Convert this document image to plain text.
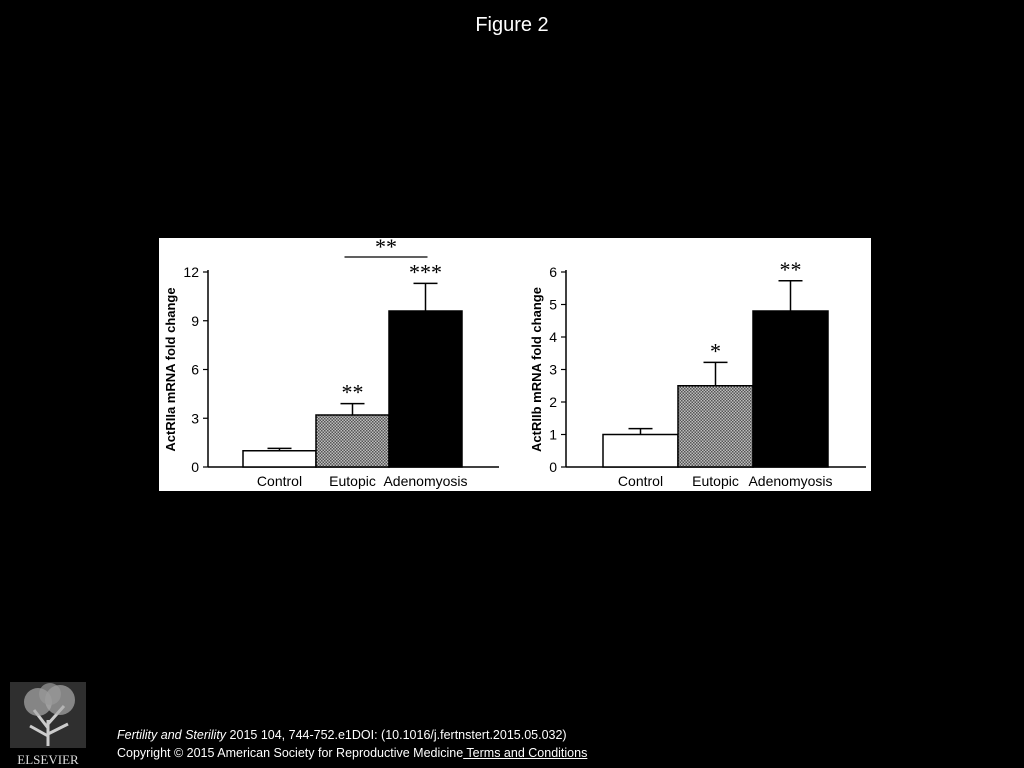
Figure 2
0
3
6
9
12
ActRIIa mRNA fold change
Control
**
Eutopic
***
Adenomyosis
**
0
1
2
3
4
5
6
ActRIIb mRNA fold change
Control
*
Eutopic
**
Adenomyosis
ELSEVIER
Fertility and Sterility 2015 104, 744-752.e1DOI: (10.1016/j.fertnstert.2015.05.032)
Copyright © 2015 American Society for Reproductive Medicine Terms and Conditions
